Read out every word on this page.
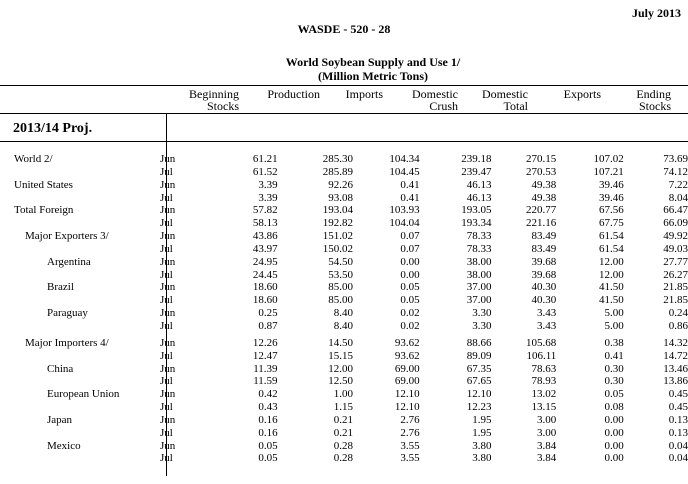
July 2013
WASDE - 520 - 28
World Soybean Supply and Use 1/
(Million Metric Tons)
Beginning
Stocks
Production	Imports	Domestic
Crush
Domestic
Total
Exports	Ending
Stocks
2013/14 Proj.
World 2/	Jun		61.21	285.30	104.34	239.18	270.15	107.02	73.69
	Jul		61.52	285.89	104.45	239.47	270.53	107.21	74.12
United States	Jun		3.39	92.26	0.41	46.13	49.38	39.46	7.22
	Jul		3.39	93.08	0.41	46.13	49.38	39.46	8.04
Total Foreign	Jun		57.82	193.04	103.93	193.05	220.77	67.56	66.47
	Jul		58.13	192.82	104.04	193.34	221.16	67.75	66.09
Major Exporters 3/	Jun		43.86	151.02	0.07	78.33	83.49	61.54	49.92
	Jul		43.97	150.02	0.07	78.33	83.49	61.54	49.03
Argentina	Jun		24.95	54.50	0.00	38.00	39.68	12.00	27.77
	Jul		24.45	53.50	0.00	38.00	39.68	12.00	26.27
Brazil	Jun		18.60	85.00	0.05	37.00	40.30	41.50	21.85
	Jul		18.60	85.00	0.05	37.00	40.30	41.50	21.85
Paraguay	Jun		0.25	8.40	0.02	3.30	3.43	5.00	0.24
	Jul		0.87	8.40	0.02	3.30	3.43	5.00	0.86

Major Importers 4/	Jun		12.26	14.50	93.62	88.66	105.68	0.38	14.32
	Jul		12.47	15.15	93.62	89.09	106.11	0.41	14.72
China	Jun		11.39	12.00	69.00	67.35	78.63	0.30	13.46
	Jul		11.59	12.50	69.00	67.65	78.93	0.30	13.86
European Union	Jun		0.42	1.00	12.10	12.10	13.02	0.05	0.45
	Jul		0.43	1.15	12.10	12.23	13.15	0.08	0.45
Japan	Jun		0.16	0.21	2.76	1.95	3.00	0.00	0.13
	Jul		0.16	0.21	2.76	1.95	3.00	0.00	0.13
Mexico	Jun		0.05	0.28	3.55	3.80	3.84	0.00	0.04
	Jul		0.05	0.28	3.55	3.80	3.84	0.00	0.04
